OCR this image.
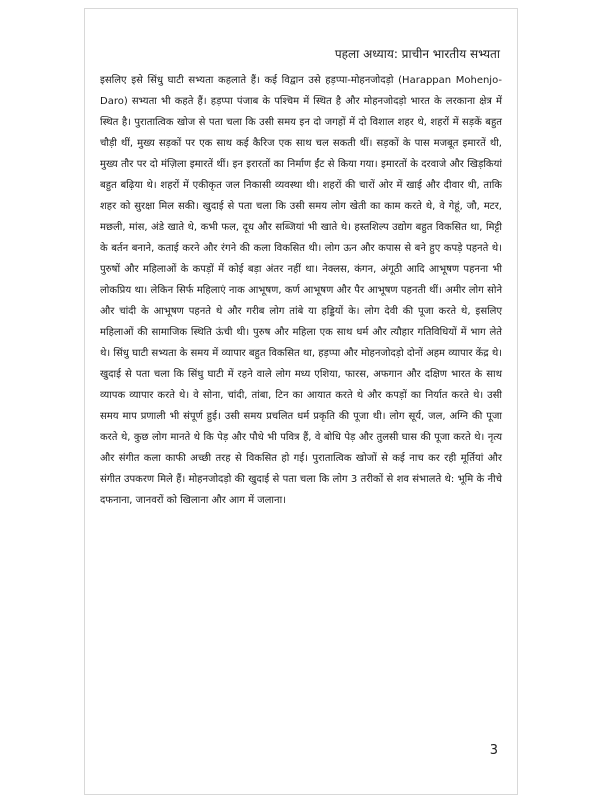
पहला अध्याय: प्राचीन भारतीय सभ्यता

इसलिए इसे सिंधु घाटी सभ्यता कहलाते हैं। कई विद्वान उसे हड़प्पा-मोहनजोदड़ो (Harappan Mohenjo-Daro) सभ्यता भी कहते हैं। हड़प्पा पंजाब के पश्चिम में स्थित है और मोहनजोदड़ो भारत के लरकाना क्षेत्र में स्थित है। पुरातात्विक खोज से पता चला कि उसी समय इन दो जगहों में दो विशाल शहर थे, शहरों में सड़कें बहुत चौड़ी थीं, मुख्य सड़कों पर एक साथ कई कैरिज एक साथ चल सकती थीं। सड़कों के पास मजबूत इमारतें थी, मुख्य तौर पर दो मंज़िला इमारतें थीं। इन इरारतों का निर्माण ईंट से किया गया। इमारतों के दरवाजे और खिड़कियां बहुत बढ़िया थे। शहरों में एकीकृत जल निकासी व्यवस्था थी। शहरों की चारों ओर में खाई और दीवार थी, ताकि शहर को सुरक्षा मिल सकी। खुदाई से पता चला कि उसी समय लोग खेती का काम करते थे, वे गेहूं, जौ, मटर, मछली, मांस, अंडे खाते थे, कभी फल, दूध और सब्जियां भी खाते थे। हस्तशिल्प उद्योग बहुत विकसित था, मिट्टी के बर्तन बनाने, कताई करने और रंगने की कला विकसित थी। लोग ऊन और कपास से बने हुए कपड़े पहनते थे। पुरुषों और महिलाओं के कपड़ों में कोई बड़ा अंतर नहीं था। नेक्लस, कंगन, अंगूठी आदि आभूषण पहनना भी लोकप्रिय था। लेकिन सिर्फ महिलाएं नाक आभूषण, कर्ण आभूषण और पैर आभूषण पहनती थीं। अमीर लोग सोने और चांदी के आभूषण पहनते थे और गरीब लोग तांबे या हड्डियों के। लोग देवी की पूजा करते थे, इसलिए महिलाओं की सामाजिक स्थिति ऊंची थी। पुरुष और महिला एक साथ धर्म और त्यौहार गतिविधियों में भाग लेते थे। सिंधु घाटी सभ्यता के समय में व्यापार बहुत विकसित था, हड़प्पा और मोहनजोदड़ो दोनों अहम व्यापार केंद्र थे। खुदाई से पता चला कि सिंधु घाटी में रहने वाले लोग मध्य एशिया, फारस, अफगान और दक्षिण भारत के साथ व्यापक व्यापार करते थे। वे सोना, चांदी, तांबा, टिन का आयात करते थे और कपड़ों का निर्यात करते थे। उसी समय माप प्रणाली भी संपूर्ण हुई। उसी समय प्रचलित धर्म प्रकृति की पूजा थी। लोग सूर्य, जल, अग्नि की पूजा करते थे, कुछ लोग मानते थे कि पेड़ और पौधे भी पवित्र हैं, वे बोधि पेड़ और तुलसी घास की पूजा करते थे। नृत्य और संगीत कला काफी अच्छी तरह से विकसित हो गई। पुरातात्विक खोजों से कई नाच कर रही मूर्तियां और संगीत उपकरण मिले हैं। मोहनजोदड़ो की खुदाई से पता चला कि लोग 3 तरीकों से शव संभालते थे: भूमि के नीचे दफनाना, जानवरों को खिलाना और आग में जलाना।

3
